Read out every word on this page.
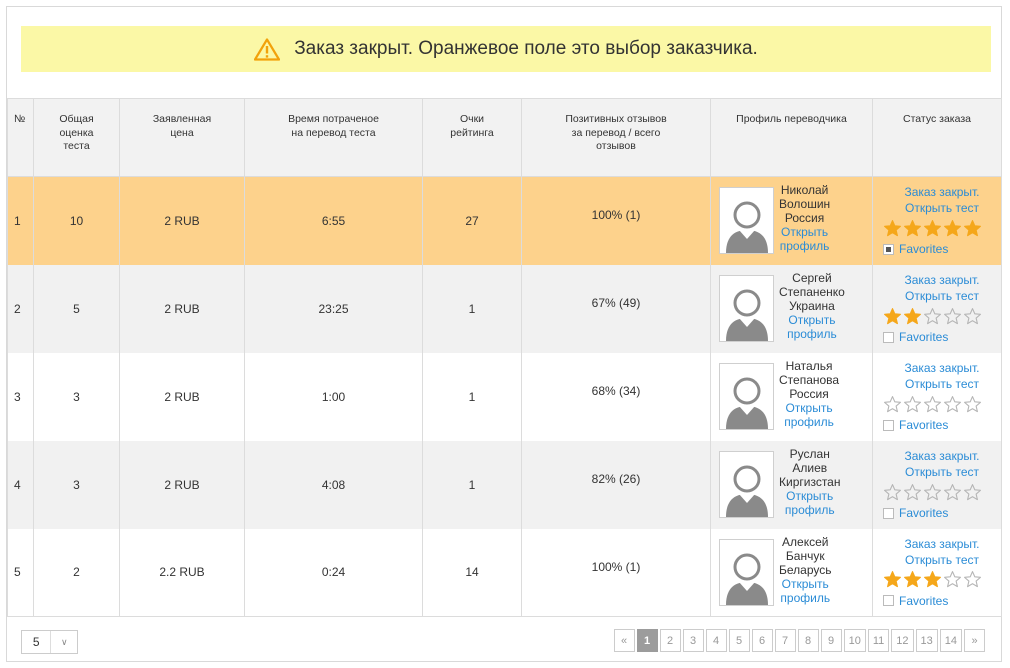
Заказ закрыт. Оранжевое поле это выбор заказчика.
№	Общая
оценка
теста	Заявленная
цена	Время потраченое
на перевод теста	Очки
рейтинга	Позитивных отзывов
за перевод / всего
отзывов	Профиль переводчика	Статус заказа
1	10	2 RUB	6:55	27	100% (1)	Николай
Волошин
Россия
Открыть
профиль	Заказ закрыт.
Открыть тест
Favorites

2	5	2 RUB	23:25	1	67% (49)	Сергей
Степаненко
Украина
Открыть
профиль	Заказ закрыт.
Открыть тест
Favorites

3	3	2 RUB	1:00	1	68% (34)	Наталья
Степанова
Россия
Открыть
профиль	Заказ закрыт.
Открыть тест
Favorites

4	3	2 RUB	4:08	1	82% (26)	Руслан
Алиев
Киргизстан
Открыть
профиль	Заказ закрыт.
Открыть тест
Favorites

5	2	2.2 RUB	0:24	14	100% (1)	Алексей
Банчук
Беларусь
Открыть
профиль	Заказ закрыт.
Открыть тест
Favorites
5	∨	«	1	2	3	4	5	6	7	8	9	10	11	12	13	14	»
